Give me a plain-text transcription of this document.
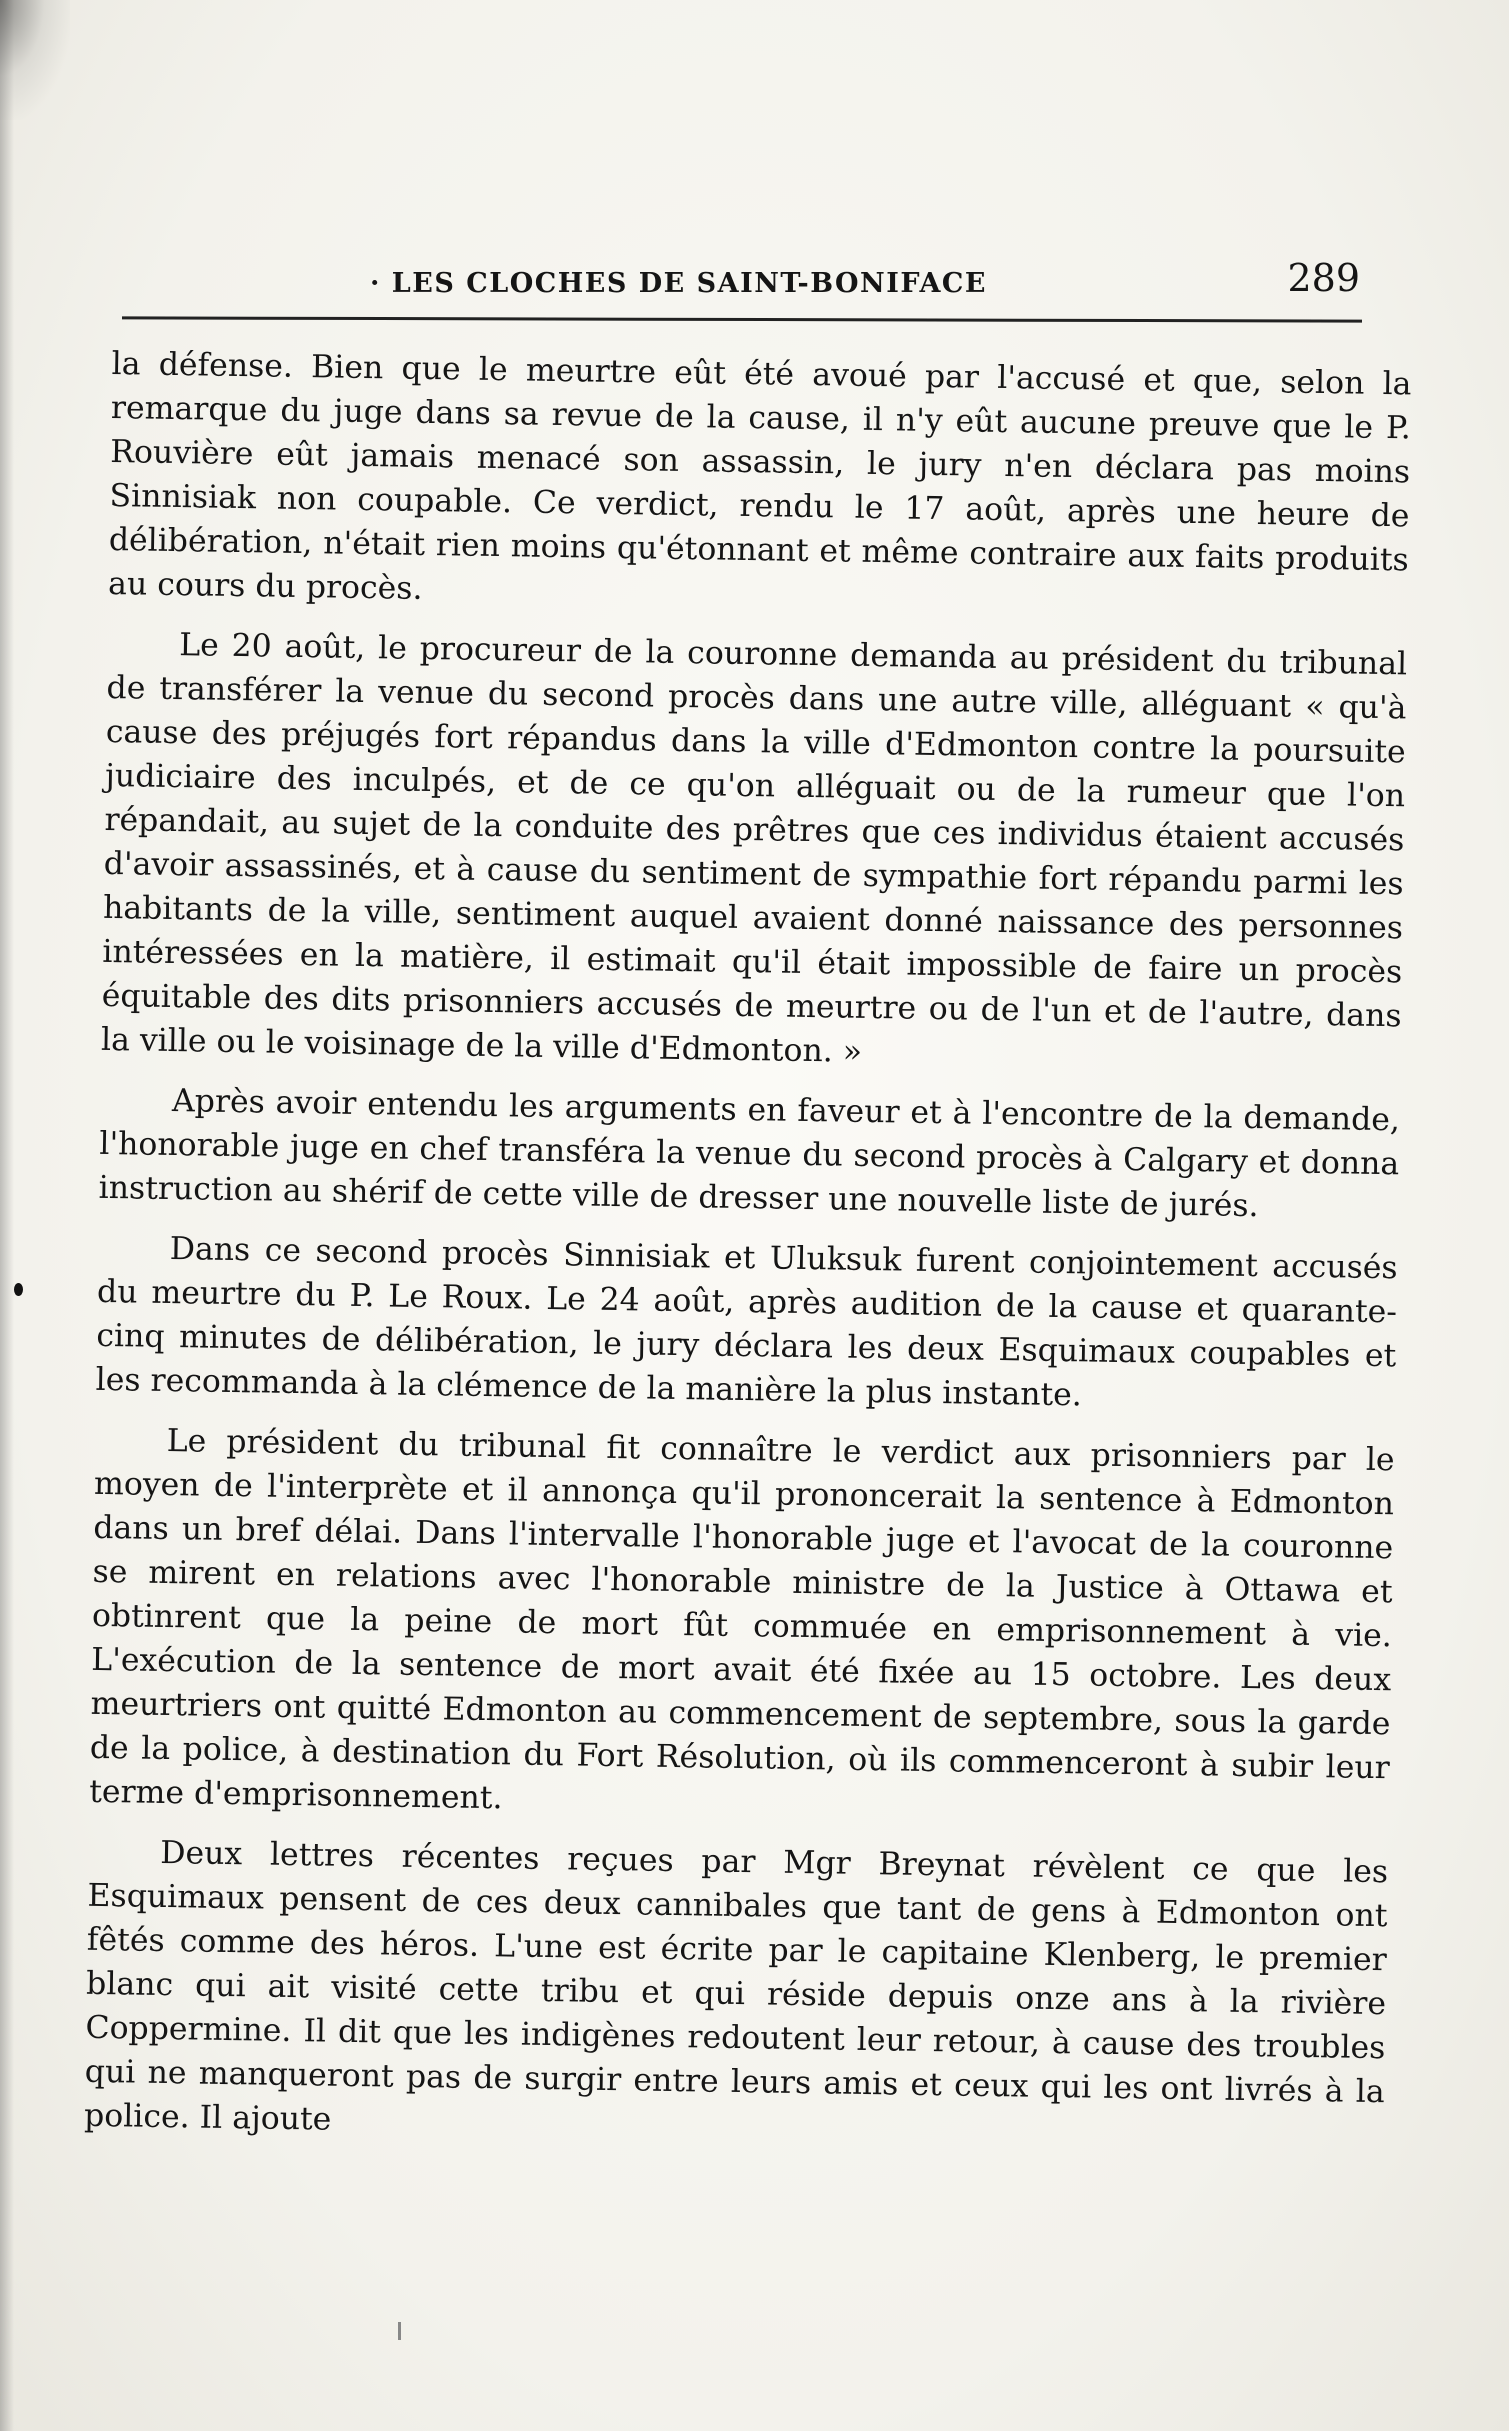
· LES CLOCHES DE SAINT-BONIFACE	289

la défense. Bien que le meurtre eût été avoué par l'accusé et que, selon la remarque du juge dans sa revue de la cause, il n'y eût aucune preuve que le P. Rouvière eût jamais menacé son assassin, le jury n'en déclara pas moins Sinnisiak non coupable. Ce verdict, rendu le 17 août, après une heure de délibération, n'était rien moins qu'étonnant et même contraire aux faits produits au cours du procès.

Le 20 août, le procureur de la couronne demanda au président du tribunal de transférer la venue du second procès dans une autre ville, alléguant « qu'à cause des préjugés fort répandus dans la ville d'Edmonton contre la poursuite judiciaire des inculpés, et de ce qu'on alléguait ou de la rumeur que l'on répandait, au sujet de la conduite des prêtres que ces individus étaient accusés d'avoir assassinés, et à cause du sentiment de sympathie fort répandu parmi les habitants de la ville, sentiment auquel avaient donné naissance des personnes intéressées en la matière, il estimait qu'il était impossible de faire un procès équitable des dits prisonniers accusés de meurtre ou de l'un et de l'autre, dans la ville ou le voisinage de la ville d'Edmonton. »

Après avoir entendu les arguments en faveur et à l'encontre de la demande, l'honorable juge en chef transféra la venue du second procès à Calgary et donna instruction au shérif de cette ville de dresser une nouvelle liste de jurés.

Dans ce second procès Sinnisiak et Uluksuk furent conjointement accusés du meurtre du P. Le Roux. Le 24 août, après audition de la cause et quarante-cinq minutes de délibération, le jury déclara les deux Esquimaux coupables et les recommanda à la clémence de la manière la plus instante.

Le président du tribunal fit connaître le verdict aux prisonniers par le moyen de l'interprète et il annonça qu'il prononcerait la sentence à Edmonton dans un bref délai. Dans l'intervalle l'honorable juge et l'avocat de la couronne se mirent en relations avec l'honorable ministre de la Justice à Ottawa et obtinrent que la peine de mort fût commuée en emprisonnement à vie. L'exécution de la sentence de mort avait été fixée au 15 octobre. Les deux meurtriers ont quitté Edmonton au commencement de septembre, sous la garde de la police, à destination du Fort Résolution, où ils commenceront à subir leur terme d'emprisonnement.

Deux lettres récentes reçues par Mgr Breynat révèlent ce que les Esquimaux pensent de ces deux cannibales que tant de gens à Edmonton ont fêtés comme des héros. L'une est écrite par le capitaine Klenberg, le premier blanc qui ait visité cette tribu et qui réside depuis onze ans à la rivière Coppermine. Il dit que les indigènes redoutent leur retour, à cause des troubles qui ne manqueront pas de surgir entre leurs amis et ceux qui les ont livrés à la police. Il ajoute
